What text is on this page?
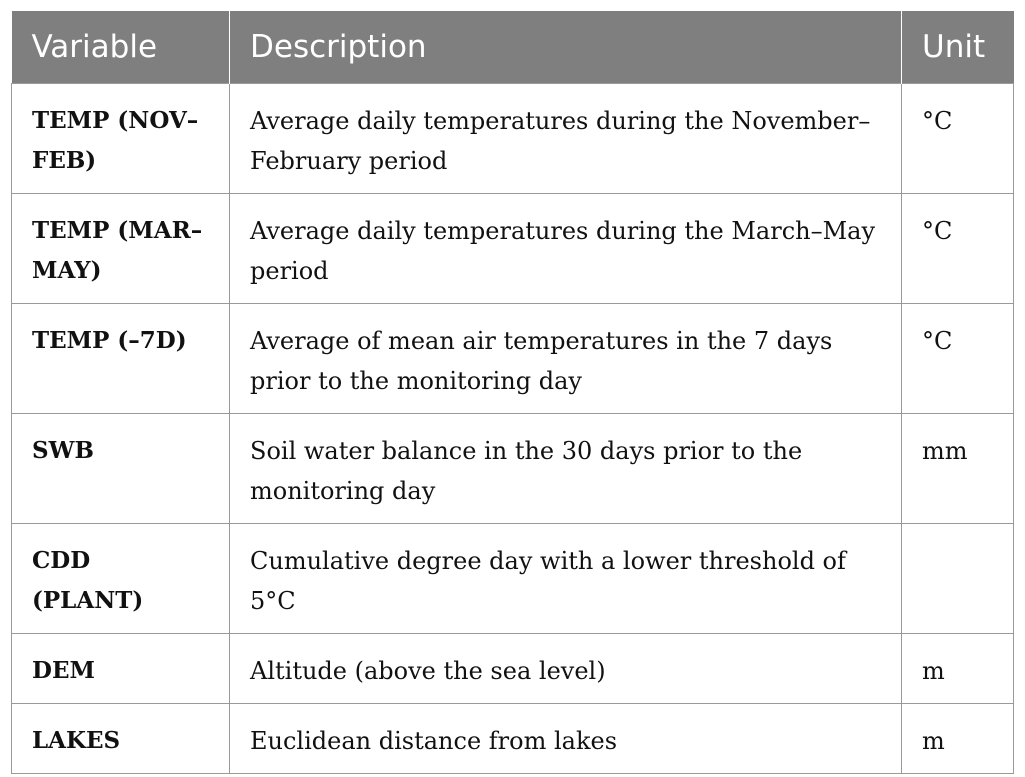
Variable	Description	Unit
TEMP (NOV–FEB)	Average daily temperatures during the November–February period	°C
TEMP (MAR–MAY)	Average daily temperatures during the March–May period	°C
TEMP (–7D)	Average of mean air temperatures in the 7 days prior to the monitoring day	°C
SWB	Soil water balance in the 30 days prior to the monitoring day	mm
CDD (PLANT)	Cumulative degree day with a lower threshold of 5°C	
DEM	Altitude (above the sea level)	m
LAKES	Euclidean distance from lakes	m
